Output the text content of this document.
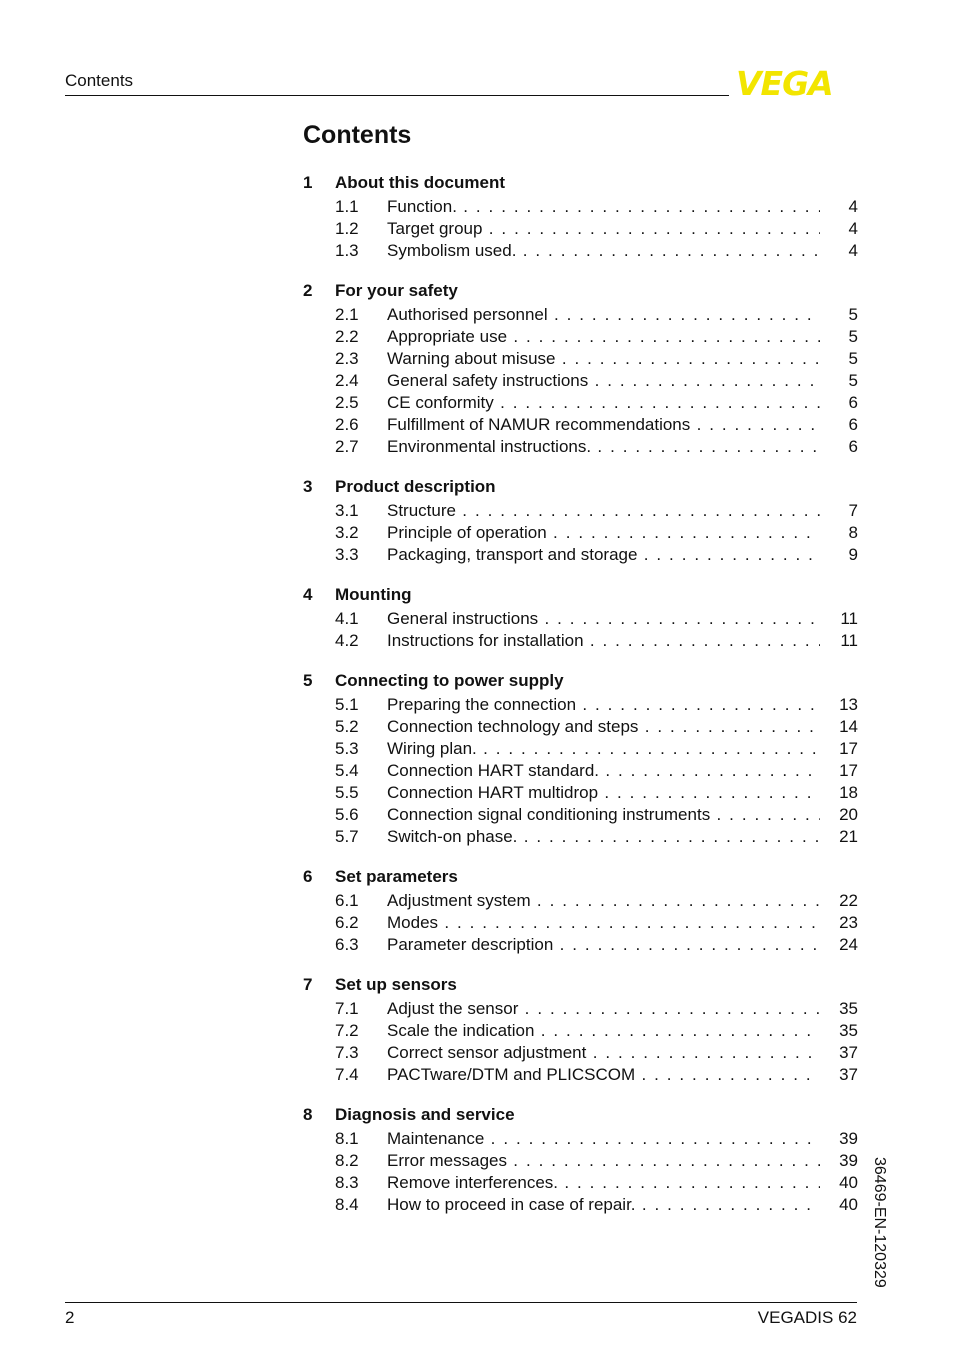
Contents	VEGA
Contents
1	About this document
1.1	Function. . . .	4
1.2	Target group . . .	4
1.3	Symbolism used. . . .	4
2	For your safety
2.1	Authorised personnel . . .	5
2.2	Appropriate use . . .	5
2.3	Warning about misuse . . .	5
2.4	General safety instructions . . .	5
2.5	CE conformity . . .	6
2.6	Fulfillment of NAMUR recommendations . . .	6
2.7	Environmental instructions. . . .	6
3	Product description
3.1	Structure . . .	7
3.2	Principle of operation . . .	8
3.3	Packaging, transport and storage . . .	9
4	Mounting
4.1	General instructions . . .	11
4.2	Instructions for installation . . .	11
5	Connecting to power supply
5.1	Preparing the connection . . .	13
5.2	Connection technology and steps . . .	14
5.3	Wiring plan. . . .	17
5.4	Connection HART standard. . . .	17
5.5	Connection HART multidrop . . .	18
5.6	Connection signal conditioning instruments . . .	20
5.7	Switch-on phase. . . .	21
6	Set parameters
6.1	Adjustment system . . .	22
6.2	Modes . . .	23
6.3	Parameter description . . .	24
7	Set up sensors
7.1	Adjust the sensor . . .	35
7.2	Scale the indication . . .	35
7.3	Correct sensor adjustment . . .	37
7.4	PACTware/DTM and PLICSCOM . . .	37
8	Diagnosis and service
8.1	Maintenance . . .	39
8.2	Error messages . . .	39
8.3	Remove interferences. . . .	40
8.4	How to proceed in case of repair. . . .	40
2	VEGADIS 62
36469-EN-120329
